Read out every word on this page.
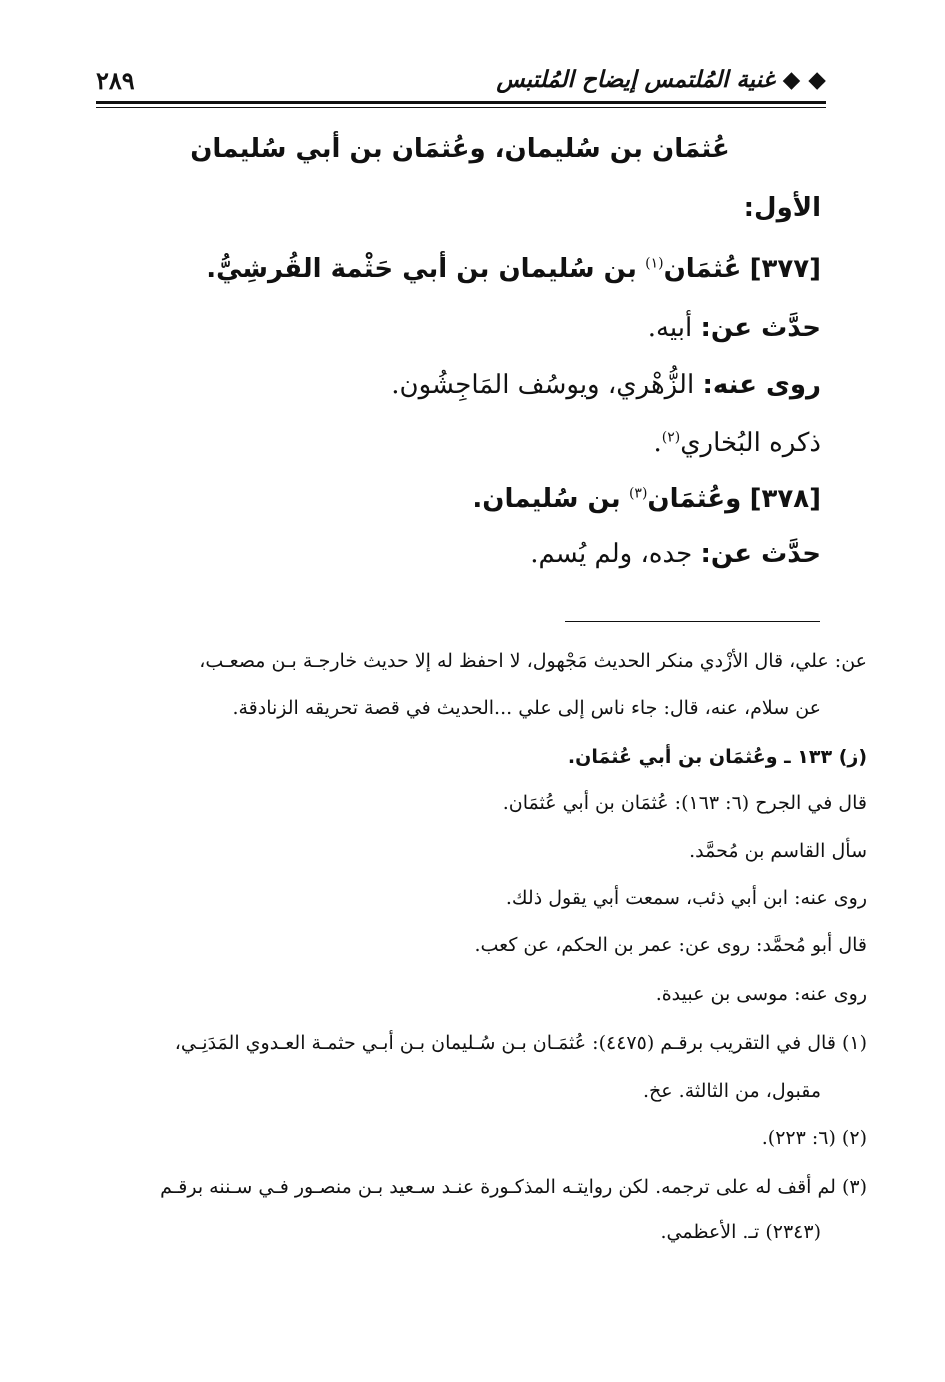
٢٨٩	◆ ◆ غنية المُلتمس إيضاح المُلتبس
عُثمَان بن سُليمان، وعُثمَان بن أبي سُليمان
الأول:
[٣٧٧] عُثمَان$^{(١)}$ بن سُليمان بن أبي حَثْمة القُرشِيُّ.
حدَّث عن: أبيه.
روى عنه: الزُّهْري، ويوسُف المَاجِشُون.
ذكره البُخاري$^{(٢)}$.
[٣٧٨] وعُثمَان$^{(٣)}$ بن سُليمان.
حدَّث عن: جده، ولم يُسم.
عن: علي، قال الأزْدي منكر الحديث مَجْهول، لا احفظ له إلا حديث خارجـة بـن مصعـب،
عن سلام، عنه، قال: جاء ناس إلى علي ...الحديث في قصة تحريقه الزنادقة.
(ز) ١٣٣ ـ وعُثمَان بن أبي عُثمَان.
قال في الجرح (٦: ١٦٣): عُثمَان بن أبي عُثمَان.
سأل القاسم بن مُحمَّد.
روى عنه: ابن أبي ذئب، سمعت أبي يقول ذلك.
قال أبو مُحمَّد: روى عن: عمر بن الحكم، عن كعب.
روى عنه: موسى بن عبيدة.
(١) قال في التقريب برقـم (٤٤٧٥): عُثمَـان بـن سُـليمان بـن أبـي حثمـة العـدوي المَدَنِـي،
مقبول، من الثالثة. عخ.
(٢) (٦: ٢٢٣).
(٣) لم أقف له على ترجمه. لكن روايتـه المذكـورة عنـد سـعيد بـن منصـور فـي سـننه برقـم
(٢٣٤٣) تـ. الأعظمي.
